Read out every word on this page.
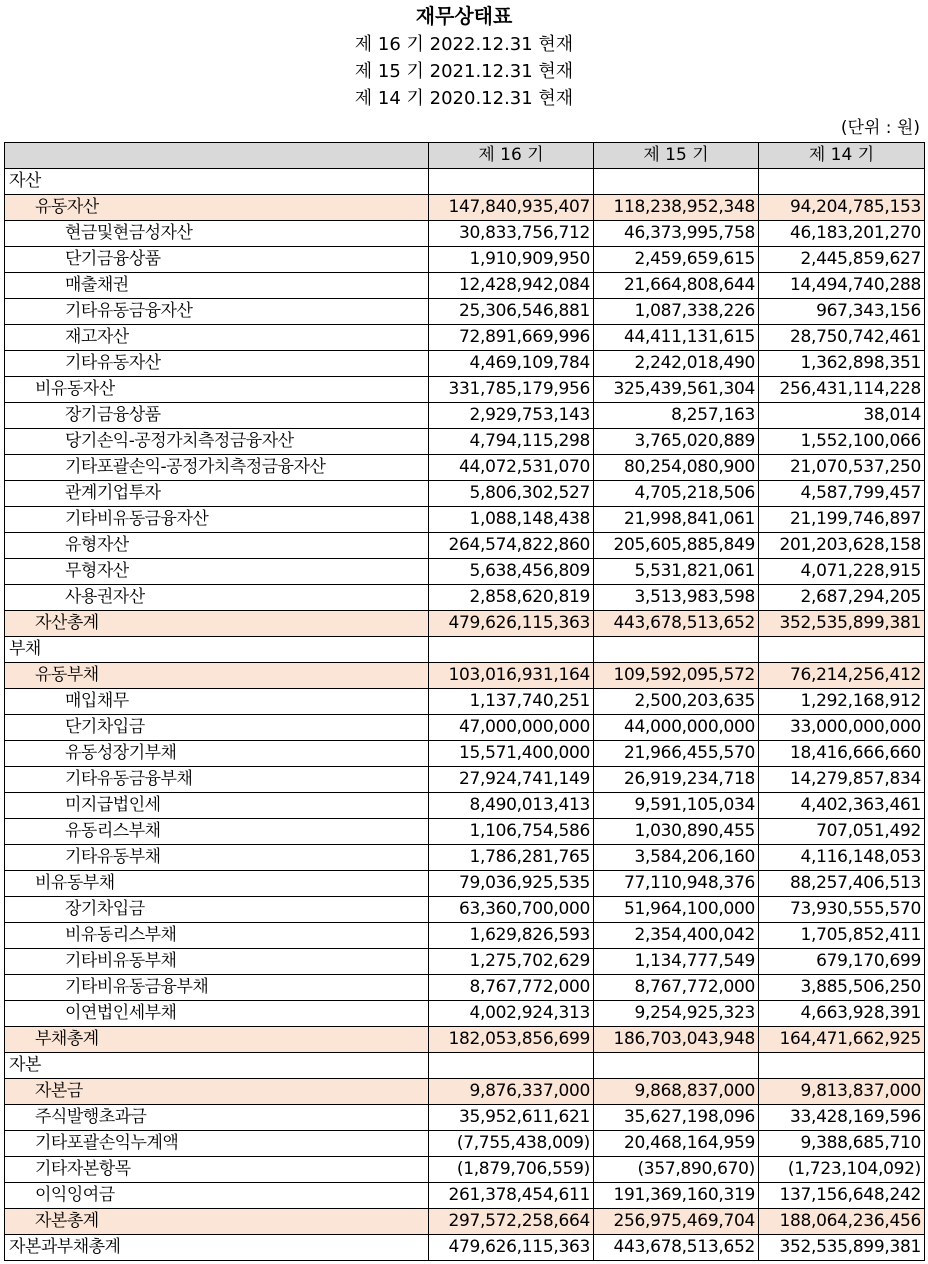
재무상태표
제 16 기 2022.12.31 현재
제 15 기 2021.12.31 현재
제 14 기 2020.12.31 현재
(단위 : 원)
	제 16 기	제 15 기	제 14 기
자산			
유동자산	147,840,935,407	118,238,952,348	94,204,785,153
현금및현금성자산	30,833,756,712	46,373,995,758	46,183,201,270
단기금융상품	1,910,909,950	2,459,659,615	2,445,859,627
매출채권	12,428,942,084	21,664,808,644	14,494,740,288
기타유동금융자산	25,306,546,881	1,087,338,226	967,343,156
재고자산	72,891,669,996	44,411,131,615	28,750,742,461
기타유동자산	4,469,109,784	2,242,018,490	1,362,898,351
비유동자산	331,785,179,956	325,439,561,304	256,431,114,228
장기금융상품	2,929,753,143	8,257,163	38,014
당기손익-공정가치측정금융자산	4,794,115,298	3,765,020,889	1,552,100,066
기타포괄손익-공정가치측정금융자산	44,072,531,070	80,254,080,900	21,070,537,250
관계기업투자	5,806,302,527	4,705,218,506	4,587,799,457
기타비유동금융자산	1,088,148,438	21,998,841,061	21,199,746,897
유형자산	264,574,822,860	205,605,885,849	201,203,628,158
무형자산	5,638,456,809	5,531,821,061	4,071,228,915
사용권자산	2,858,620,819	3,513,983,598	2,687,294,205
자산총계	479,626,115,363	443,678,513,652	352,535,899,381
부채			
유동부채	103,016,931,164	109,592,095,572	76,214,256,412
매입채무	1,137,740,251	2,500,203,635	1,292,168,912
단기차입금	47,000,000,000	44,000,000,000	33,000,000,000
유동성장기부채	15,571,400,000	21,966,455,570	18,416,666,660
기타유동금융부채	27,924,741,149	26,919,234,718	14,279,857,834
미지급법인세	8,490,013,413	9,591,105,034	4,402,363,461
유동리스부채	1,106,754,586	1,030,890,455	707,051,492
기타유동부채	1,786,281,765	3,584,206,160	4,116,148,053
비유동부채	79,036,925,535	77,110,948,376	88,257,406,513
장기차입금	63,360,700,000	51,964,100,000	73,930,555,570
비유동리스부채	1,629,826,593	2,354,400,042	1,705,852,411
기타비유동부채	1,275,702,629	1,134,777,549	679,170,699
기타비유동금융부채	8,767,772,000	8,767,772,000	3,885,506,250
이연법인세부채	4,002,924,313	9,254,925,323	4,663,928,391
부채총계	182,053,856,699	186,703,043,948	164,471,662,925
자본			
자본금	9,876,337,000	9,868,837,000	9,813,837,000
주식발행초과금	35,952,611,621	35,627,198,096	33,428,169,596
기타포괄손익누계액	(7,755,438,009)	20,468,164,959	9,388,685,710
기타자본항목	(1,879,706,559)	(357,890,670)	(1,723,104,092)
이익잉여금	261,378,454,611	191,369,160,319	137,156,648,242
자본총계	297,572,258,664	256,975,469,704	188,064,236,456
자본과부채총계	479,626,115,363	443,678,513,652	352,535,899,381
